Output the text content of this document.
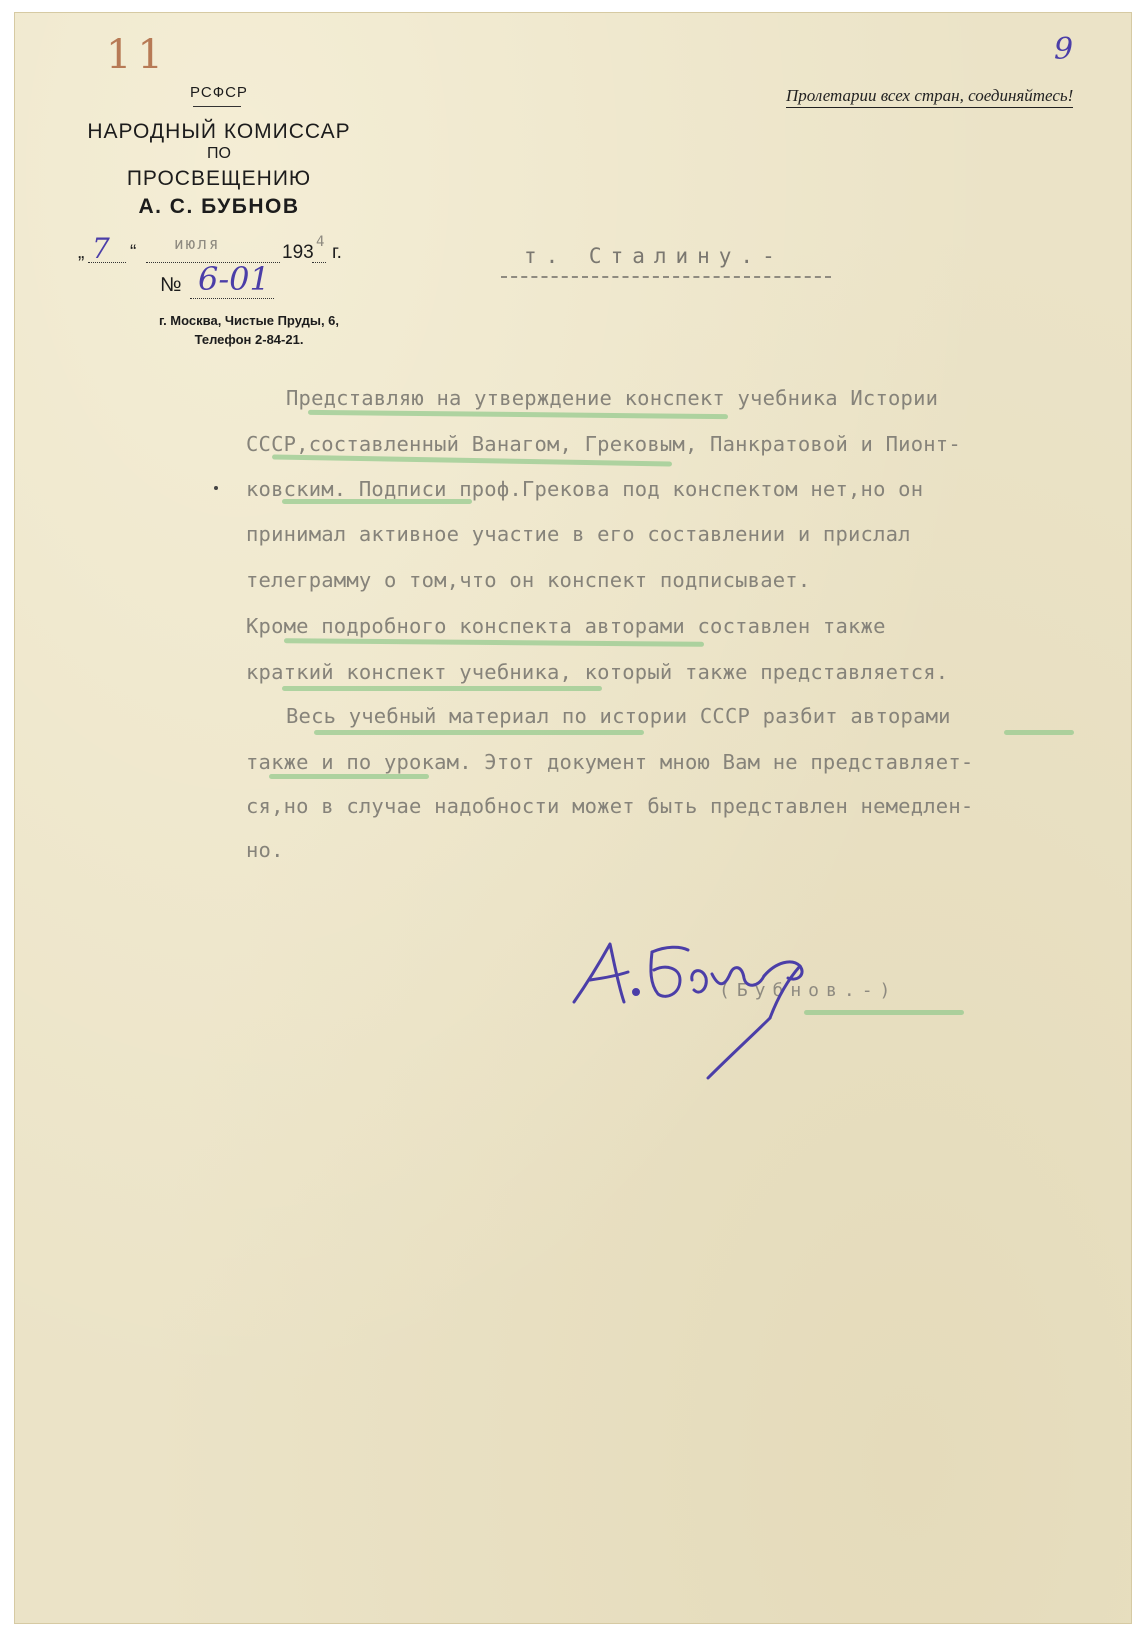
9
11
Пролетарии всех стран, соединяйтесь!
РСФСР
НАРОДНЫЙ КОМИССАР
ПО
ПРОСВЕЩЕНИЮ
А. С. БУБНОВ
„ 7 “ июля	193 4 г.
№ 6-01
г. Москва, Чистые Пруды, 6,
Телефон 2-84-21.
т. Сталину.-
Представляю на утверждение конспект учебника Истории
СССР,составленный Ванагом, Грековым, Панкратовой и Пионт-
ковским. Подписи проф.Грекова под конспектом нет,но он
принимал активное участие в его составлении и прислал
телеграмму о том,что он конспект подписывает.
Кроме подробного конспекта авторами составлен также
краткий конспект учебника, который также представляется.
Весь учебный материал по истории СССР разбит авторами
также и по урокам. Этот документ мною Вам не представляет-
ся,но в случае надобности может быть представлен немедлен-
но.
(Бубнов.-)
